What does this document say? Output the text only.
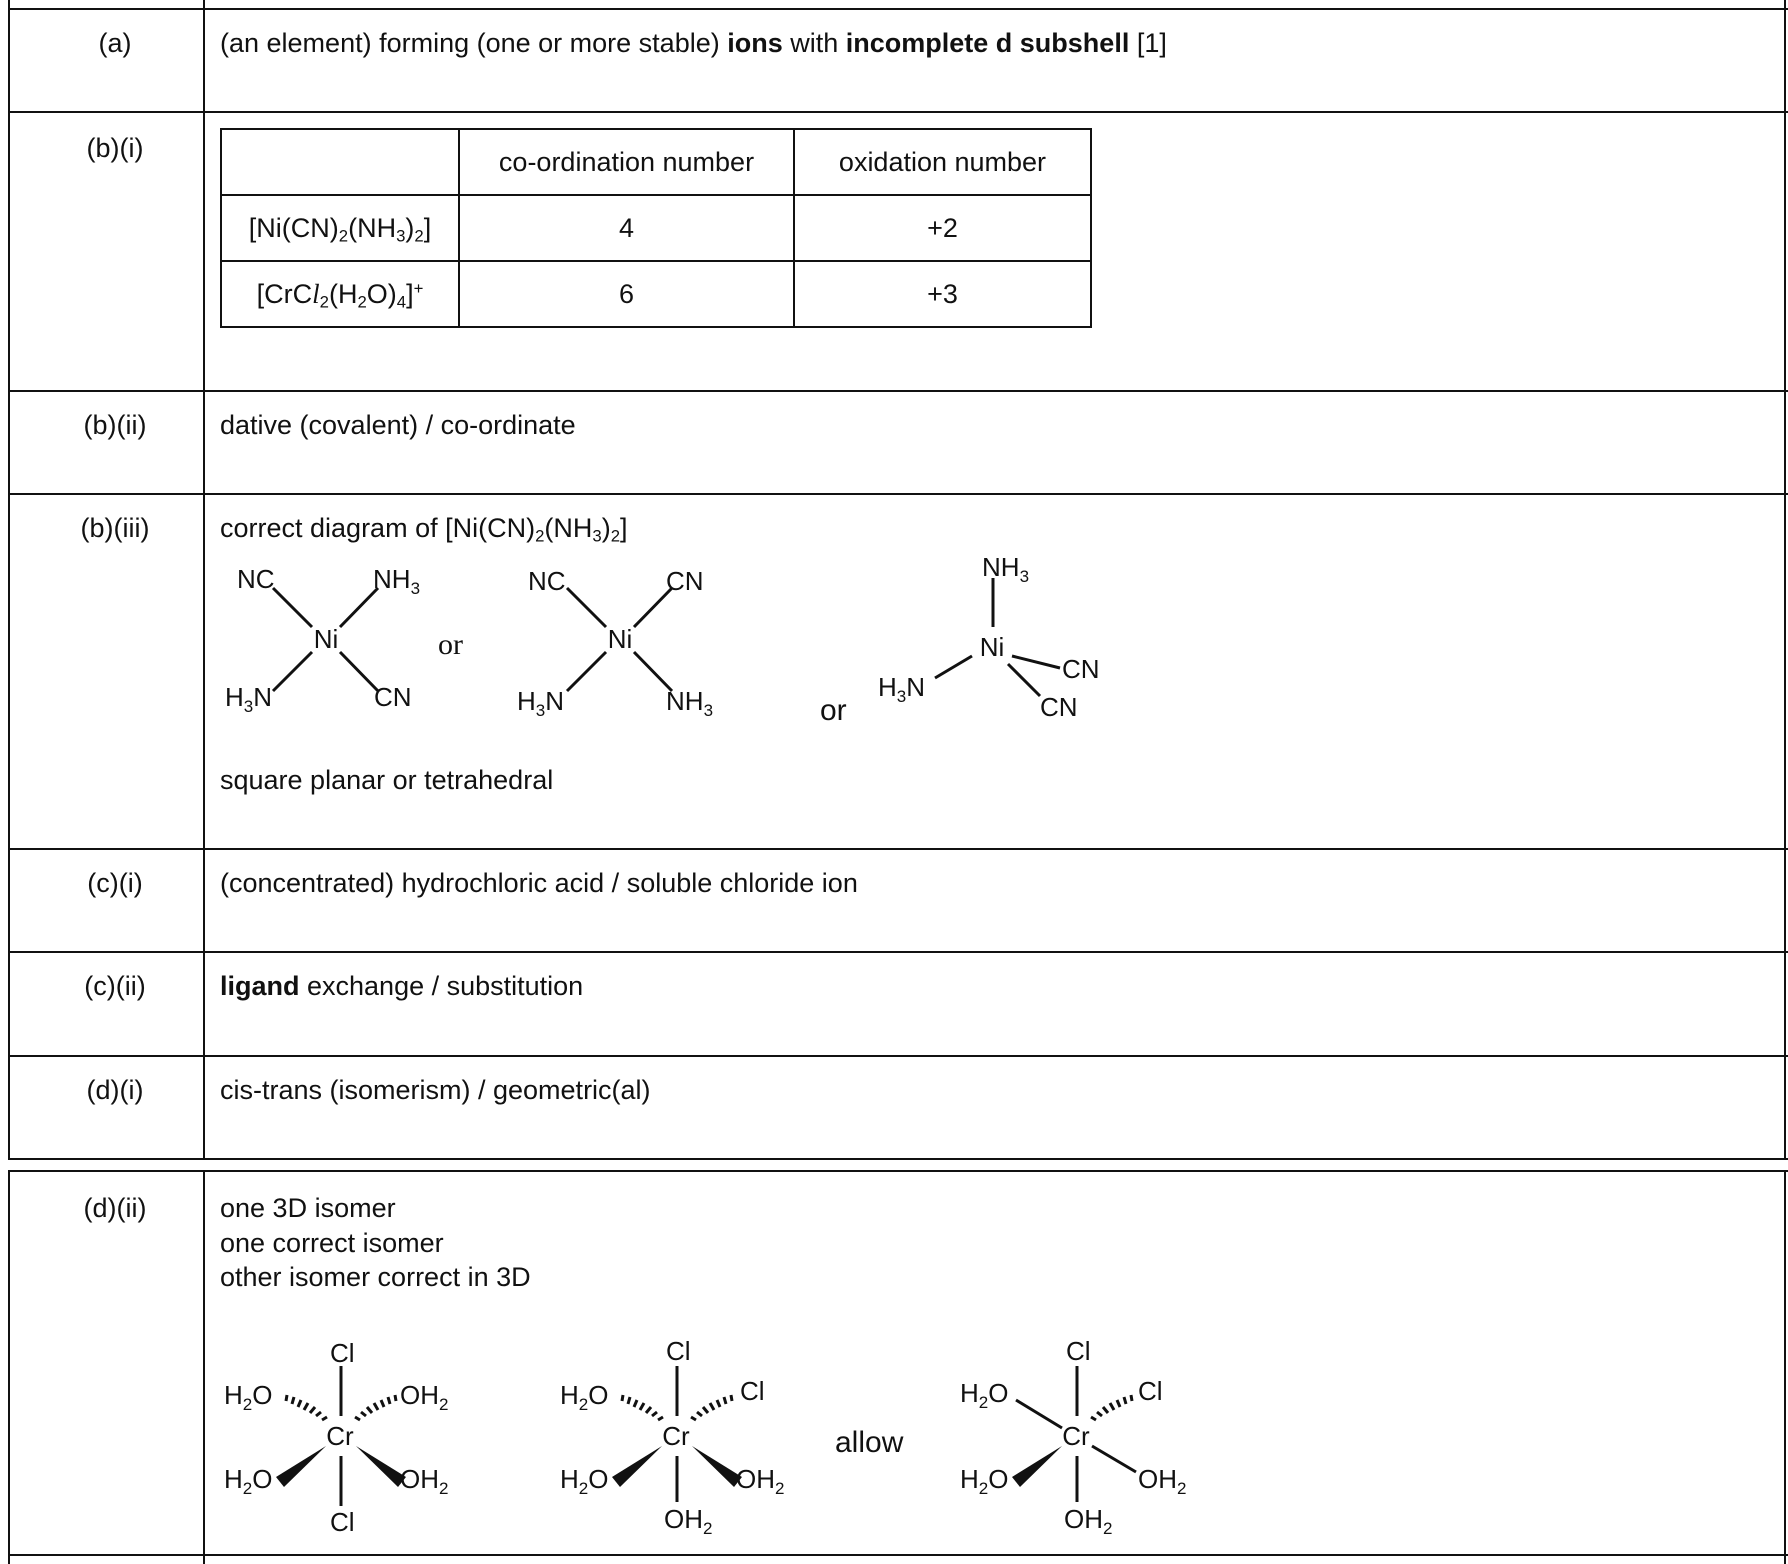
(a)	(an element) forming (one or more stable) ions with incomplete d subshell [1]
(b)(i)
		co-ordination number	oxidation number
$[Ni(CN)_2(NH_3)_2]$	4	+2
$[CrCl_2(H_2O)_4]^+$	6	+3
(b)(ii)	dative (covalent) / co-ordinate
(b)(iii)	correct diagram of $[Ni(CN)_2(NH_3)_2]$
square planar or tetrahedral
Ni
NC	$NH_3$
$H_3N$	CN
or	Ni
NC	CN
$H_3N$	$NH_3$	or
Ni
$NH_3$
$H_3N$
CN
CN
(c)(i)	(concentrated) hydrochloric acid / soluble chloride ion
(c)(ii)	ligand exchange / substitution
(d)(i)	cis-trans (isomerism) / geometric(al)
(d)(ii)	one 3D isomer
one correct isomer
other isomer correct in 3D
Cr
Cl
Cl
$H_2O$	$OH_2$
$H_2O$	$OH_2$
Cr
Cl
Cl
$H_2O$
$H_2O$	$OH_2$
$OH_2$
allow	Cr
Cl
Cl
$H_2O$
$H_2O$	$OH_2$
$OH_2$
